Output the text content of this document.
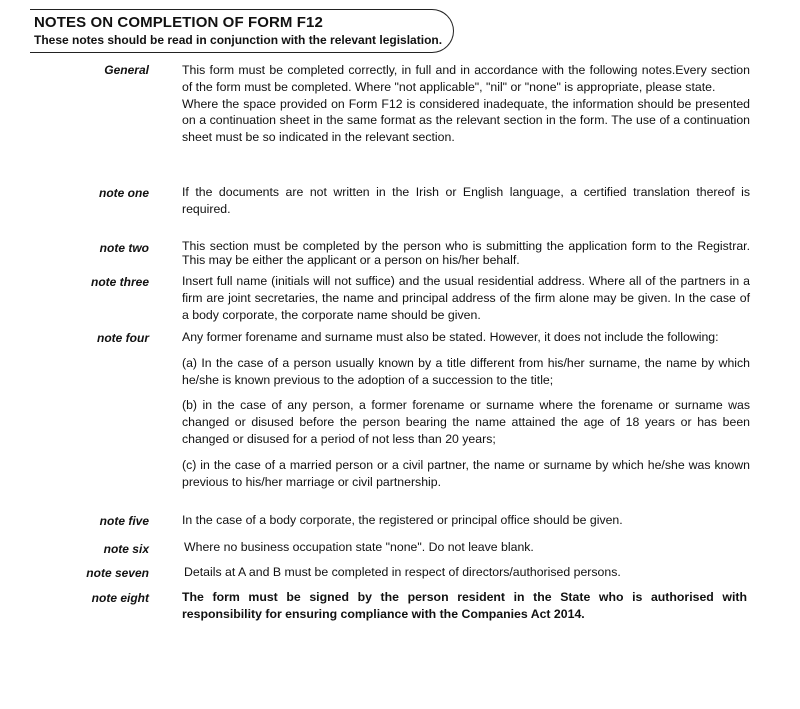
NOTES ON COMPLETION OF FORM F12
These notes should be read in conjunction with the relevant legislation.
General	This form must be completed correctly, in full and in accordance with the following notes.Every section of the form must be completed. Where "not applicable", "nil" or "none" is appropriate, please state.

Where the space provided on Form F12 is considered inadequate, the information should be presented on a continuation sheet in the same format as the relevant section in the form. The use of a continuation sheet must be so indicated in the relevant section.

note one	If the documents are not written in the Irish or English language, a certified translation thereof is required.

note two	This section must be completed by the person who is submitting the application form to the Registrar. This may be either the applicant or a person on his/her behalf.

note three	Insert full name (initials will not suffice) and the usual residential address. Where all of the partners in a firm are joint secretaries, the name and principal address of the firm alone may be given. In the case of a body corporate, the corporate name should be given.

note four	Any former forename and surname must also be stated. However, it does not include the following:

(a) In the case of a person usually known by a title different from his/her surname, the name by which he/she is known previous to the adoption of a succession to the title;

(b) in the case of any person, a former forename or surname where the forename or surname was changed or disused before the person bearing the name attained the age of 18 years or has been changed or disused for a period of not less than 20 years;

(c) in the case of a married person or a civil partner, the name or surname by which he/she was known previous to his/her marriage or civil partnership.

note five	In the case of a body corporate, the registered or principal office should be given.

note six	Where no business occupation state "none". Do not leave blank.

note seven	Details at A and B must be completed in respect of directors/authorised persons.

note eight	The form must be signed by the person resident in the State who is authorised with responsibility for ensuring compliance with the Companies Act 2014.
